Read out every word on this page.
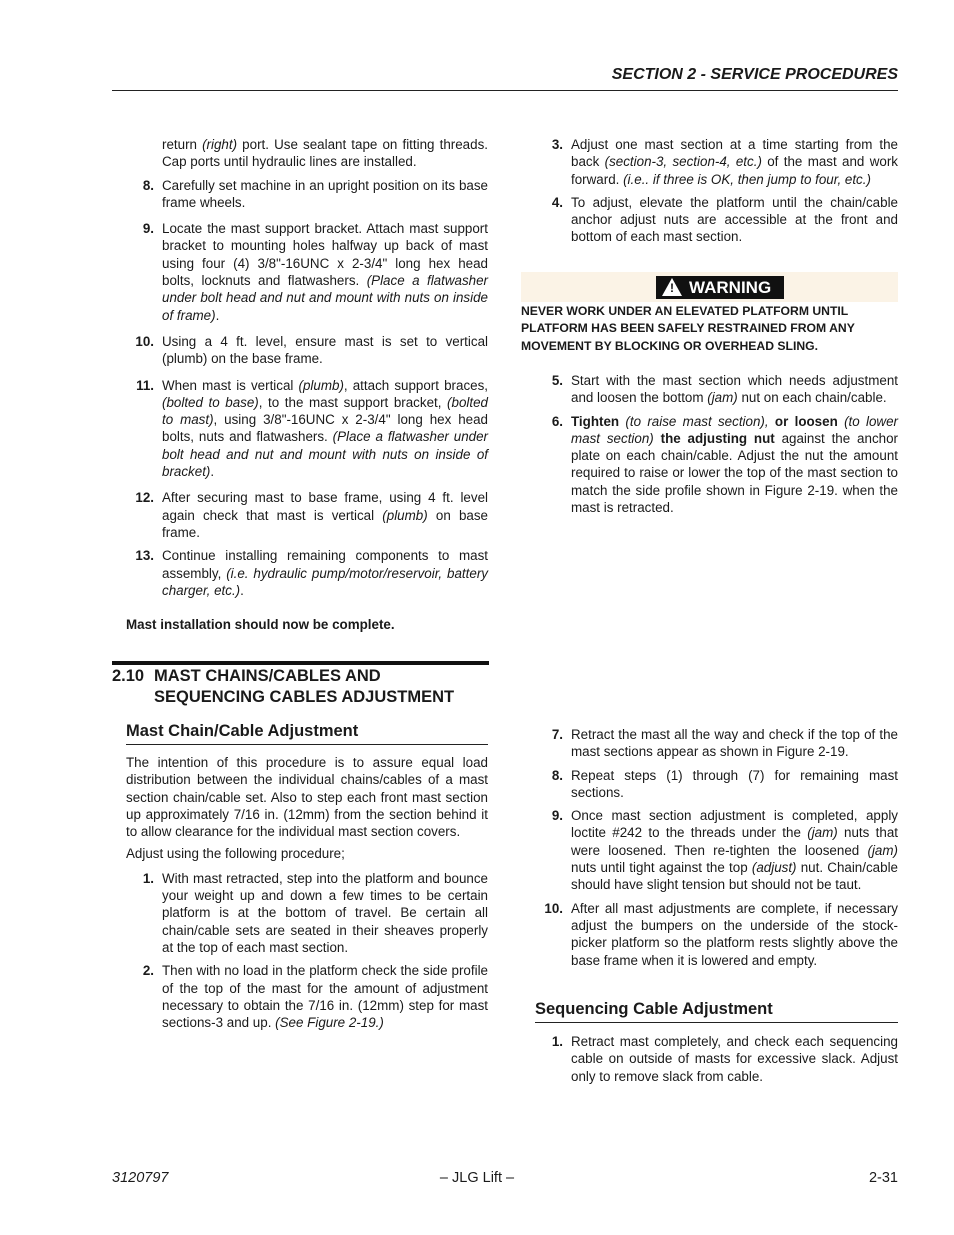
SECTION 2 - SERVICE PROCEDURES
return (right) port. Use sealant tape on fitting threads. Cap ports until hydraulic lines are installed.
8. Carefully set machine in an upright position on its base frame wheels.
9. Locate the mast support bracket. Attach mast support bracket to mounting holes halfway up back of mast using four (4) 3/8"-16UNC x 2-3/4" long hex head bolts, locknuts and flatwashers. (Place a flatwasher under bolt head and nut and mount with nuts on inside of frame).
10. Using a 4 ft. level, ensure mast is set to vertical (plumb) on the base frame.
11. When mast is vertical (plumb), attach support braces, (bolted to base), to the mast support bracket, (bolted to mast), using 3/8"-16UNC x 2-3/4" long hex head bolts, nuts and flatwashers. (Place a flatwasher under bolt head and nut and mount with nuts on inside of bracket).
12. After securing mast to base frame, using 4 ft. level again check that mast is vertical (plumb) on base frame.
13. Continue installing remaining components to mast assembly, (i.e. hydraulic pump/motor/reservoir, battery charger, etc.).
Mast installation should now be complete.
2.10 MAST CHAINS/CABLES AND
SEQUENCING CABLES ADJUSTMENT
Mast Chain/Cable Adjustment

The intention of this procedure is to assure equal load distribution between the individual chains/cables of a mast section chain/cable set. Also to step each front mast section up approximately 7/16 in. (12mm) from the section behind it to allow clearance for the individual mast section covers.

Adjust using the following procedure;

1. With mast retracted, step into the platform and bounce your weight up and down a few times to be certain platform is at the bottom of travel. Be certain all chain/cable sets are seated in their sheaves properly at the top of each mast section.
2. Then with no load in the platform check the side profile of the top of the mast for the amount of adjustment necessary to obtain the 7/16 in. (12mm) step for mast sections-3 and up. (See Figure 2-19.)
3. Adjust one mast section at a time starting from the back (section-3, section-4, etc.) of the mast and work forward. (i.e.. if three is OK, then jump to four, etc.)
4. To adjust, elevate the platform until the chain/cable anchor adjust nuts are accessible at the front and bottom of each mast section.
! WARNING
NEVER WORK UNDER AN ELEVATED PLATFORM UNTIL PLATFORM HAS BEEN SAFELY RESTRAINED FROM ANY MOVEMENT BY BLOCKING OR OVERHEAD SLING.
5. Start with the mast section which needs adjustment and loosen the bottom (jam) nut on each chain/cable.
6. Tighten (to raise mast section), or loosen (to lower mast section) the adjusting nut against the anchor plate on each chain/cable. Adjust the nut the amount required to raise or lower the top of the mast section to match the side profile shown in Figure 2-19. when the mast is retracted.
7. Retract the mast all the way and check if the top of the mast sections appear as shown in Figure 2-19.
8. Repeat steps (1) through (7) for remaining mast sections.
9. Once mast section adjustment is completed, apply loctite #242 to the threads under the (jam) nuts that were loosened. Then re-tighten the loosened (jam) nuts until tight against the top (adjust) nut. Chain/cable should have slight tension but should not be taut.
10. After all mast adjustments are complete, if necessary adjust the bumpers on the underside of the stock-picker platform so the platform rests slightly above the base frame when it is lowered and empty.
Sequencing Cable Adjustment
1. Retract mast completely, and check each sequencing cable on outside of masts for excessive slack. Adjust only to remove slack from cable.
3120797	– JLG Lift –	2-31
